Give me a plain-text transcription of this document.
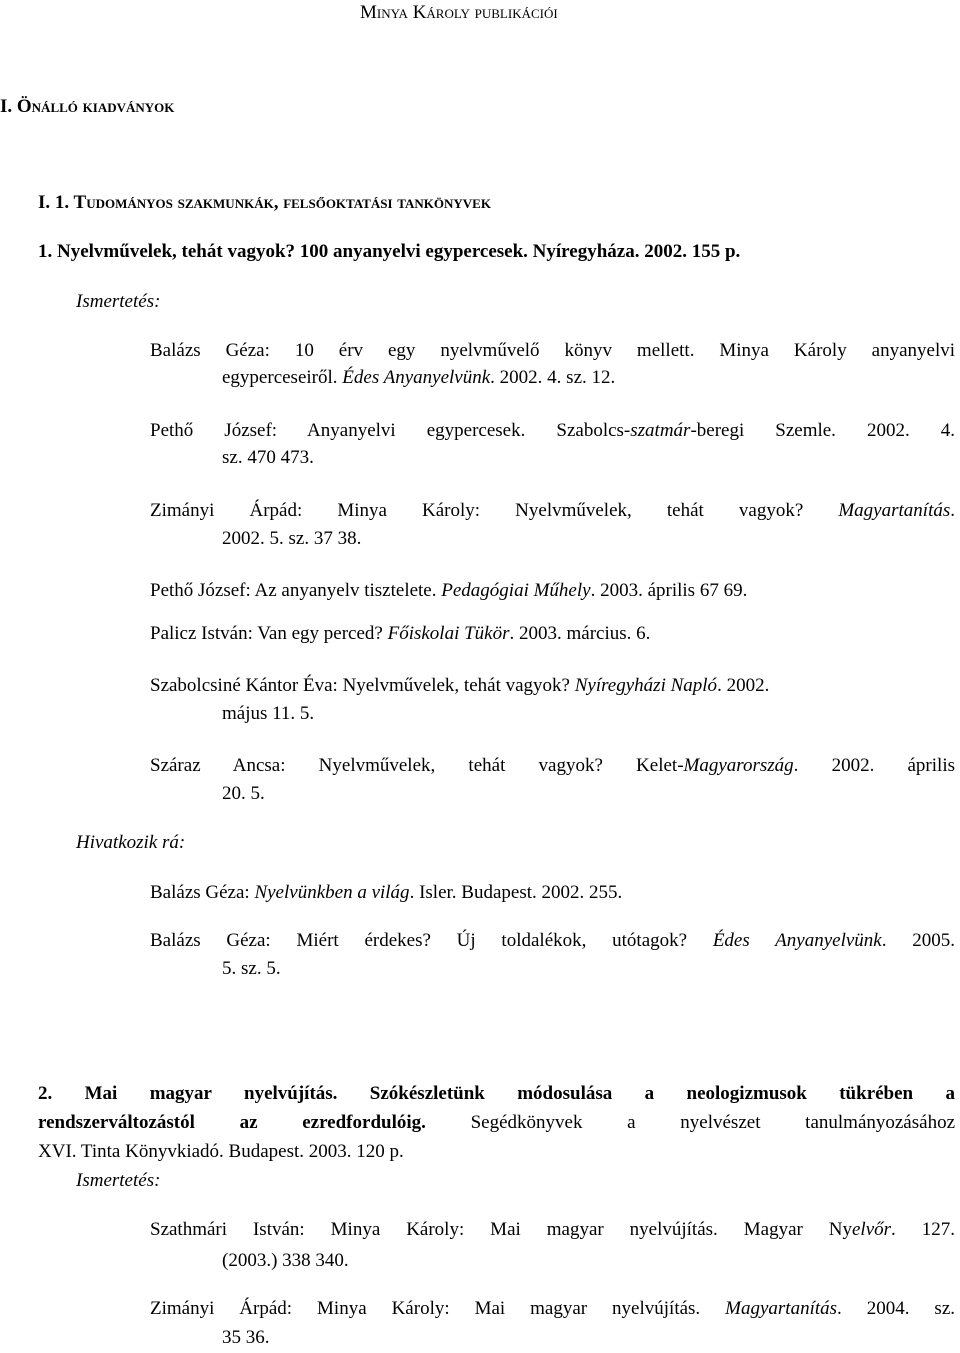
Minya Károly publikációi
I. Önálló kiadványok
I. 1. Tudományos szakmunkák, felsőoktatási tankönyvek
1. Nyelvművelek, tehát vagyok? 100 anyanyelvi egypercesek. Nyíregyháza. 2002. 155 p.
Ismertetés:
Balázs Géza: 10 érv egy nyelvművelő könyv mellett. Minya Károly anyanyelvi
egyperceseiről. Édes Anyanyelvünk. 2002. 4. sz. 12.
Pethő József: Anyanyelvi egypercesek. Szabolcs-szatmár-beregi Szemle. 2002. 4.
sz. 470 473.
Zimányi Árpád: Minya Károly: Nyelvművelek, tehát vagyok? Magyartanítás.
2002. 5. sz. 37 38.
Pethő József: Az anyanyelv tisztelete. Pedagógiai Műhely. 2003. április 67 69.
Palicz István: Van egy perced? Főiskolai Tükör. 2003. március. 6.
Szabolcsiné Kántor Éva: Nyelvművelek, tehát vagyok? Nyíregyházi Napló. 2002.
május 11. 5.
Száraz Ancsa: Nyelvművelek, tehát vagyok? Kelet-Magyarország. 2002. április
20. 5.
Hivatkozik rá:
Balázs Géza: Nyelvünkben a világ. Isler. Budapest. 2002. 255.
Balázs Géza: Miért érdekes? Új toldalékok, utótagok? Édes Anyanyelvünk. 2005.
5. sz. 5.
2. Mai magyar nyelvújítás. Szókészletünk módosulása a neologizmusok tükrében a
rendszerváltozástól az ezredfordulóig. Segédkönyvek a nyelvészet tanulmányozásához
XVI. Tinta Könyvkiadó. Budapest. 2003. 120 p.
Ismertetés:
Szathmári István: Minya Károly: Mai magyar nyelvújítás. Magyar Nyelvőr. 127.
(2003.) 338 340.
Zimányi Árpád: Minya Károly: Mai magyar nyelvújítás. Magyartanítás. 2004. sz.
35 36.
